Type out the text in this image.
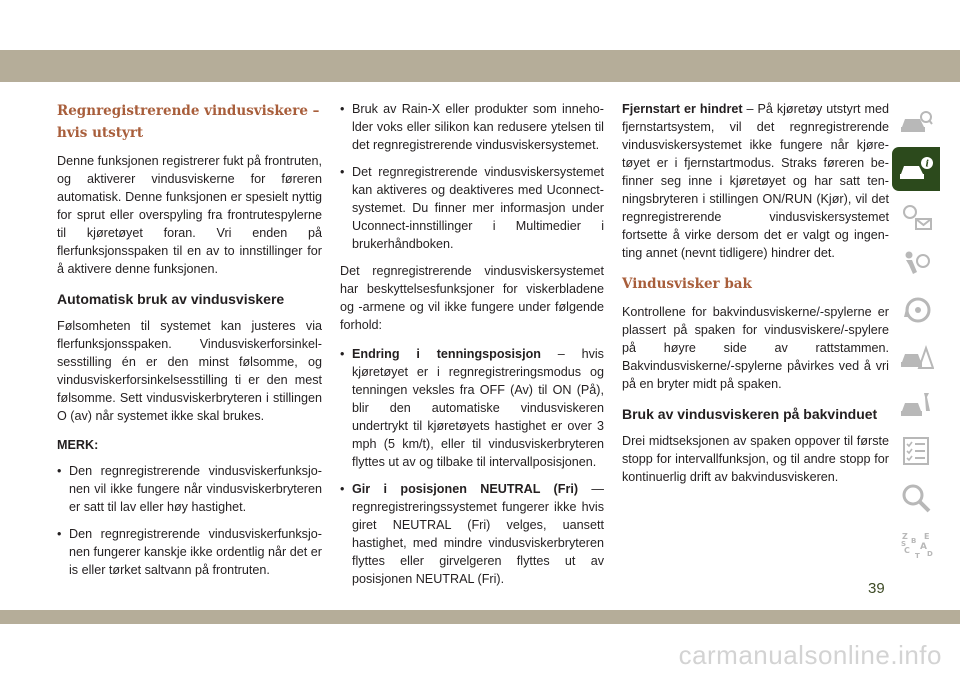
Regnregistrerende vindusviskere – hvis utstyrt

Denne funksjonen registrerer fukt på frontruten, og aktiverer vindusviskerne for føreren automatisk. Denne funksjonen er spesielt nyttig for sprut eller overspyling fra frontrutespylerne til kjøretøyet foran. Vri enden på flerfunksjonsspaken til en av to innstillinger for å aktivere denne funksjonen.

Automatisk bruk av vindusviskere

Følsomheten til systemet kan justeres via flerfunksjonsspaken. Vindusviskerforsinkelsesstilling én er den minst følsomme, og vindusviskerforsinkelsesstilling ti er den mest følsomme. Sett vindusviskerbryteren i stillingen O (av) når systemet ikke skal brukes.

MERK:
• Den regnregistrerende vindusviskerfunksjonen vil ikke fungere når vindusviskerbryteren er satt til lav eller høy hastighet.
• Den regnregistrerende vindusviskerfunksjonen fungerer kanskje ikke ordentlig når det er is eller tørket saltvann på frontruten.
• Bruk av Rain-X eller produkter som inneholder voks eller silikon kan redusere ytelsen til det regnregistrerende vindusviskersystemet.
• Det regnregistrerende vindusviskersystemet kan aktiveres og deaktiveres med Uconnect-systemet. Du finner mer informasjon under Uconnect-innstillinger i Multimedier i brukerhåndboken.

Det regnregistrerende vindusviskersystemet har beskyttelsesfunksjoner for viskerbladene og -armene og vil ikke fungere under følgende forhold:

• Endring i tenningsposisjon – hvis kjøretøyet er i regnregistreringsmodus og tenningen veksles fra OFF (Av) til ON (På), blir den automatiske vindusviskeren undertrykt til kjøretøyets hastighet er over 3 mph (5 km/t), eller til vindusviskerbryteren flyttes ut av og tilbake til intervallposisjonen.
• Gir i posisjonen NEUTRAL (Fri) — regnregistreringssystemet fungerer ikke hvis giret NEUTRAL (Fri) velges, uansett hastighet, med mindre vindusviskerbryteren flyttes eller girvelgeren flyttes ut av posisjonen NEUTRAL (Fri).

Fjernstart er hindret – På kjøretøy utstyrt med fjernstartsystem, vil det regnregistrerende vindusviskersystemet ikke fungere når kjøretøyet er i fjernstartmodus. Straks føreren befinner seg inne i kjøretøyet og har satt tenningsbryteren i stillingen ON/RUN (Kjør), vil det regnregistrerende vindusviskersystemet fortsette å virke dersom det er valgt og ingenting annet (nevnt tidligere) hindrer det.

Vindusvisker bak

Kontrollene for bakvindusviskerne/-spylerne er plassert på spaken for vindusviskere/-spylere på høyre side av rattstammen. Bakvindusviskerne/-spylerne påvirkes ved å vri på en bryter midt på spaken.

Bruk av vindusviskeren på bakvinduet

Drei midtseksjonen av spaken oppover til første stopp for intervallfunksjon, og til andre stopp for kontinuerlig drift av bakvindusviskeren.

i
Z B E
A
C
T D
S
39
carmanualsonline.info
